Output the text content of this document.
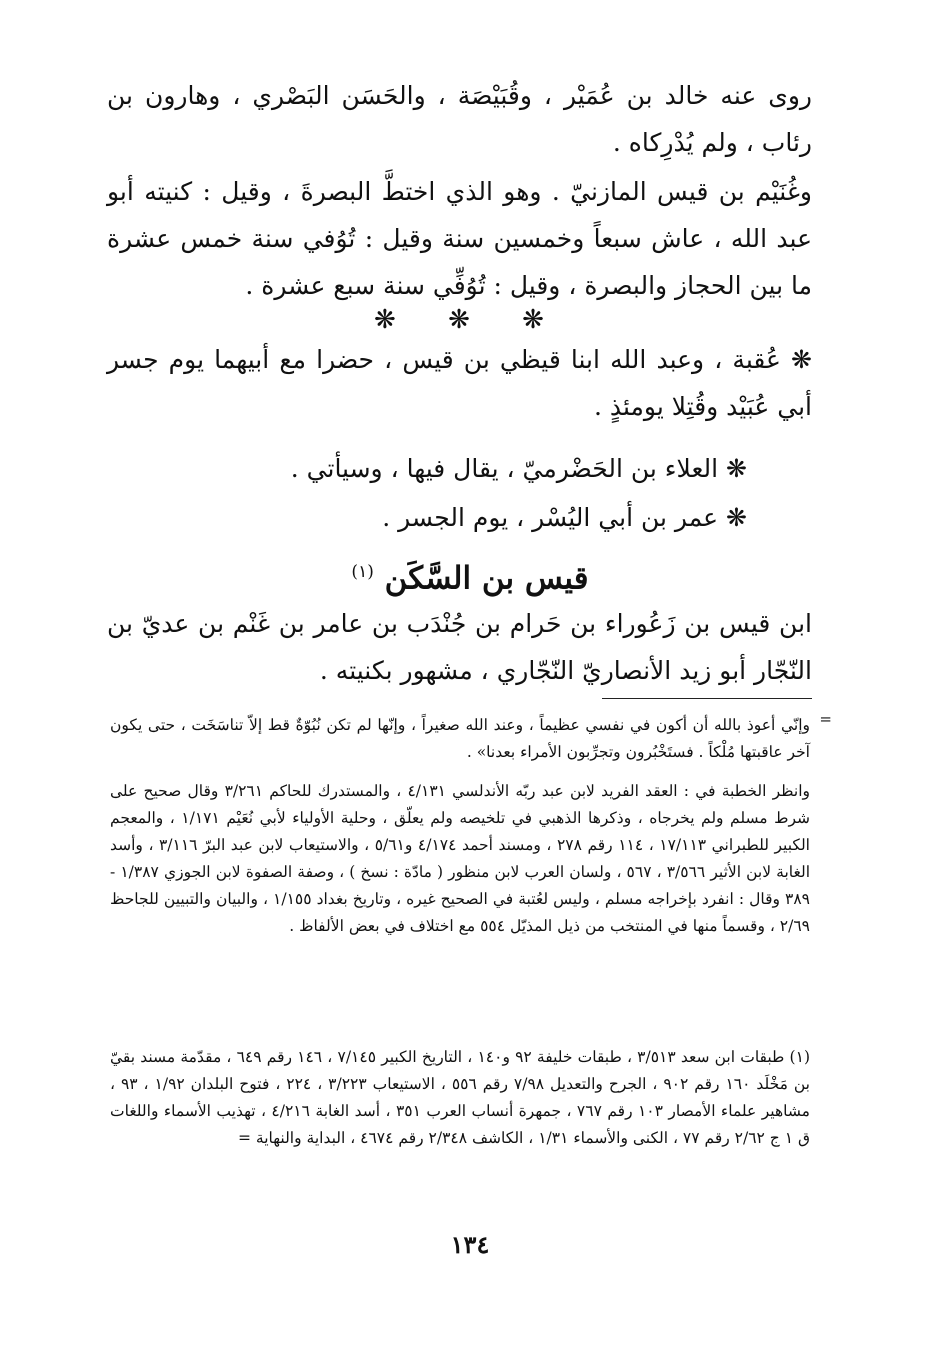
روى عنه خالد بن عُمَيْر ، وقُبَيْصَة ، والحَسَن البَصْري ، وهارون بن رئاب ، ولم يُدْرِكاه .

وغُنَيْم بن قيس المازنيّ . وهو الذي اختطَّ البصرةَ ، وقيل : كنيته أبو عبد الله ، عاش سبعاً وخمسين سنة وقيل : تُوُفي سنة خمس عشرة ما بين الحجاز والبصرة ، وقيل : تُوُفِّي سنة سبع عشرة .

❋ ❋ ❋

❋ عُقبة ، وعبد الله ابنا قيظي بن قيس ، حضرا مع أبيهما يوم جسر أبي عُبَيْد وقُتِلا يومئذٍ .

❋ العلاء بن الحَضْرميّ ، يقال فيها ، وسيأتي .

❋ عمر بن أبي اليُسْر ، يوم الجسر .

قيس بن السَّكَن $^{(١)}$

ابن قيس بن زَعُوراء بن حَرام بن جُنْدَب بن عامر بن غَنْم بن عديّ بن النّجّار أبو زيد الأنصاريّ النّجّاري ، مشهور بكنيته .

=

وإنّي أعوذ بالله أن أكون في نفسي عظيماً ، وعند الله صغيراً ، وإنّها لم تكن نُبُوّةٌ قط إلاّ تناسَخَت ، حتى يكون آخر عاقبتها مُلْكاً . فستَخْبُرون وتجرِّبون الأمراء بعدنا» .

وانظر الخطبة في : العقد الفريد لابن عبد ربّه الأندلسي ٤/١٣١ ، والمستدرك للحاكم ٣/٢٦١ وقال صحيح على شرط مسلم ولم يخرجاه ، وذكرها الذهبي في تلخيصه ولم يعلّق ، وحلية الأولياء لأبي نُعَيْم ١/١٧١ ، والمعجم الكبير للطبراني ١٧/١١٣ ، ١١٤ رقم ٢٧٨ ، ومسند أحمد ٤/١٧٤ و٥/٦١ ، والاستيعاب لابن عبد البرّ ٣/١١٦ ، وأسد الغابة لابن الأثير ٣/٥٦٦ ، ٥٦٧ ، ولسان العرب لابن منظور ( مادّة : نسخ ) ، وصفة الصفوة لابن الجوزي ١/٣٨٧ - ٣٨٩ وقال : انفرد بإخراجه مسلم ، وليس لعُتبة في الصحيح غيره ، وتاريخ بغداد ١/١٥٥ ، والبيان والتبيين للجاحظ ٢/٦٩ ، وقسماً منها في المنتخب من ذيل المذيّل ٥٥٤ مع اختلاف في بعض الألفاظ .

(١) طبقات ابن سعد ٣/٥١٣ ، طبقات خليفة ٩٢ و١٤٠ ، التاريخ الكبير ٧/١٤٥ ، ١٤٦ رقم ٦٤٩ ، مقدّمة مسند بقيّ بن مَخْلَد ١٦٠ رقم ٩٠٢ ، الجرح والتعديل ٧/٩٨ رقم ٥٥٦ ، الاستيعاب ٣/٢٢٣ ، ٢٢٤ ، فتوح البلدان ١/٩٢ ، ٩٣ ، مشاهير علماء الأمصار ١٠٣ رقم ٧٦٧ ، جمهرة أنساب العرب ٣٥١ ، أسد الغابة ٤/٢١٦ ، تهذيب الأسماء واللغات ق ١ ج ٢/٦٢ رقم ٧٧ ، الكنى والأسماء ١/٣١ ، الكاشف ٢/٣٤٨ رقم ٤٦٧٤ ، البداية والنهاية =

١٣٤
